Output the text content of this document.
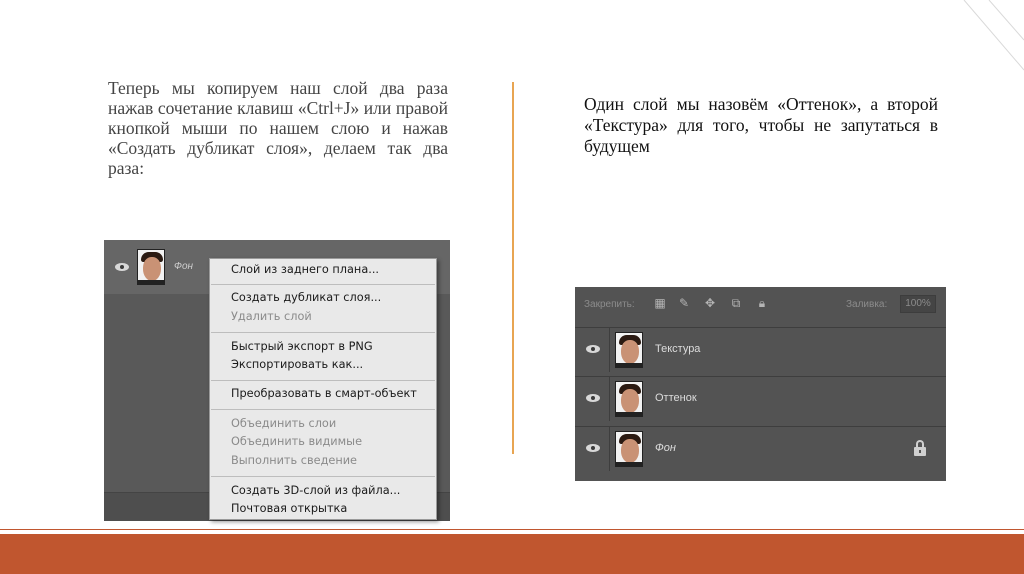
Теперь мы копируем наш слой два раза нажав сочетание клавиш «Ctrl+J» или правой кнопкой мыши по нашем слою и нажав «Создать дубликат слоя», делаем так два раза:
Один слой мы назовём «Оттенок», а второй «Текстура» для того, чтобы не запутаться в будущем
Фон	Слой из заднего плана...
Создать дубликат слоя...
Удалить слой
Быстрый экспорт в PNG
Экспортировать как...
Преобразовать в смарт-объект
Объединить слои
Объединить видимые
Выполнить сведение
Создать 3D-слой из файла...
Почтовая открытка
Закрепить: ▦ ✎ ✥ ⧉	🔒︎	Заливка:	100%
Текстура
Оттенок
Фон
